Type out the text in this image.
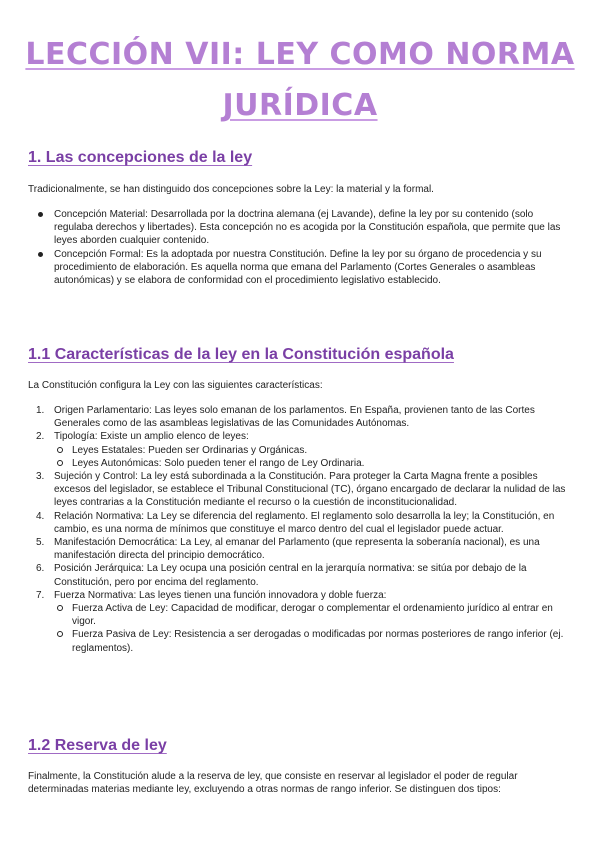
LECCIÓN VII: LEY COMO NORMA
JURÍDICA
1. Las concepciones de la ley

Tradicionalmente, se han distinguido dos concepciones sobre la Ley: la material y la formal.

Concepción Material: Desarrollada por la doctrina alemana (ej Lavande), define la ley por su contenido (solo regulaba derechos y libertades). Esta concepción no es acogida por la Constitución española, que permite que las leyes aborden cualquier contenido.
Concepción Formal: Es la adoptada por nuestra Constitución. Define la ley por su órgano de procedencia y su procedimiento de elaboración. Es aquella norma que emana del Parlamento (Cortes Generales o asambleas autonómicas) y se elabora de conformidad con el procedimiento legislativo establecido.
1.1 Características de la ley en la Constitución española

La Constitución configura la Ley con las siguientes características:

1. Origen Parlamentario: Las leyes solo emanan de los parlamentos. En España, provienen tanto de las Cortes Generales como de las asambleas legislativas de las Comunidades Autónomas.
2. Tipología: Existe un amplio elenco de leyes:
Leyes Estatales: Pueden ser Ordinarias y Orgánicas.
Leyes Autonómicas: Solo pueden tener el rango de Ley Ordinaria.
3. Sujeción y Control: La ley está subordinada a la Constitución. Para proteger la Carta Magna frente a posibles excesos del legislador, se establece el Tribunal Constitucional (TC), órgano encargado de declarar la nulidad de las leyes contrarias a la Constitución mediante el recurso o la cuestión de inconstitucionalidad.
4. Relación Normativa: La Ley se diferencia del reglamento. El reglamento solo desarrolla la ley; la Constitución, en cambio, es una norma de mínimos que constituye el marco dentro del cual el legislador puede actuar.
5. Manifestación Democrática: La Ley, al emanar del Parlamento (que representa la soberanía nacional), es una manifestación directa del principio democrático.
6. Posición Jerárquica: La Ley ocupa una posición central en la jerarquía normativa: se sitúa por debajo de la Constitución, pero por encima del reglamento.
7. Fuerza Normativa: Las leyes tienen una función innovadora y doble fuerza:
Fuerza Activa de Ley: Capacidad de modificar, derogar o complementar el ordenamiento jurídico al entrar en vigor.
Fuerza Pasiva de Ley: Resistencia a ser derogadas o modificadas por normas posteriores de rango inferior (ej. reglamentos).
1.2 Reserva de ley

Finalmente, la Constitución alude a la reserva de ley, que consiste en reservar al legislador el poder de regular determinadas materias mediante ley, excluyendo a otras normas de rango inferior. Se distinguen dos tipos:
